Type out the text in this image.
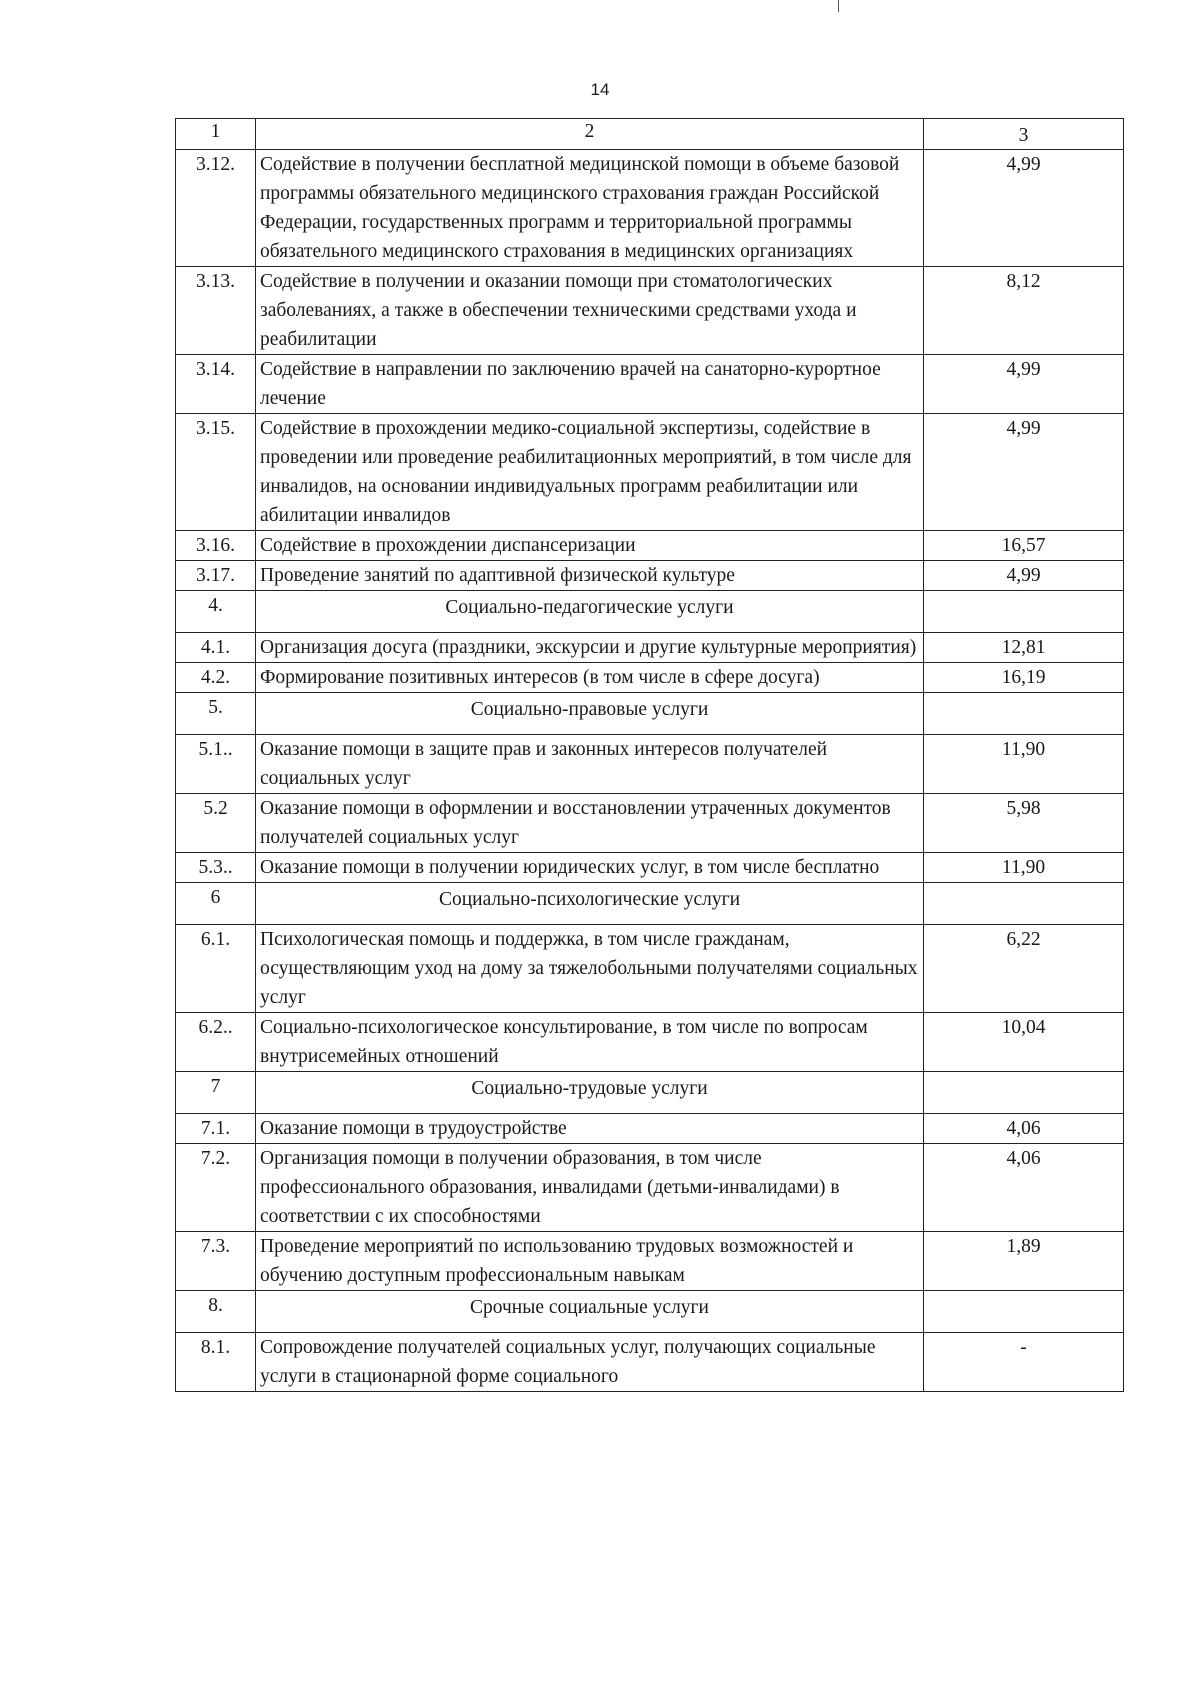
14
1	2	3
3.12.	Содействие в получении бесплатной медицинской помощи в объеме базовой программы обязательного медицинского страхования граждан Российской Федерации, государственных программ и территориальной программы обязательного медицинского страхования в медицинских организациях	4,99
3.13.	Содействие в получении и оказании помощи при стоматологических заболеваниях, а также в обеспечении техническими средствами ухода и реабилитации	8,12
3.14.	Содействие в направлении по заключению врачей на санаторно-курортное лечение	4,99
3.15.	Содействие в прохождении медико-социальной экспертизы, содействие в проведении или проведение реабилитационных мероприятий, в том числе для инвалидов, на основании индивидуальных программ реабилитации или абилитации инвалидов	4,99
3.16.	Содействие в прохождении диспансеризации	16,57
3.17.	Проведение занятий по адаптивной физической культуре	4,99
4.	Социально-педагогические услуги	
4.1.	Организация досуга (праздники, экскурсии и другие культурные мероприятия)	12,81
4.2.	Формирование позитивных интересов (в том числе в сфере досуга)	16,19
5.	Социально-правовые услуги	
5.1..	Оказание помощи в защите прав и законных интересов получателей социальных услуг	11,90
5.2	Оказание помощи в оформлении и восстановлении утраченных документов получателей социальных услуг	5,98
5.3..	Оказание помощи в получении юридических услуг, в том числе бесплатно	11,90
6	Социально-психологические услуги	
6.1.	Психологическая помощь и поддержка, в том числе гражданам, осуществляющим уход на дому за тяжелобольными получателями социальных услуг	6,22
6.2..	Социально-психологическое консультирование, в том числе по вопросам внутрисемейных отношений	10,04
7	Социально-трудовые услуги	
7.1.	Оказание помощи в трудоустройстве	4,06
7.2.	Организация помощи в получении образования, в том числе профессионального образования, инвалидами (детьми-инвалидами) в соответствии с их способностями	4,06
7.3.	Проведение мероприятий по использованию трудовых возможностей и обучению доступным профессиональным навыкам	1,89
8.	Срочные социальные услуги	
8.1.	Сопровождение получателей социальных услуг, получающих социальные услуги в стационарной форме социального	-
